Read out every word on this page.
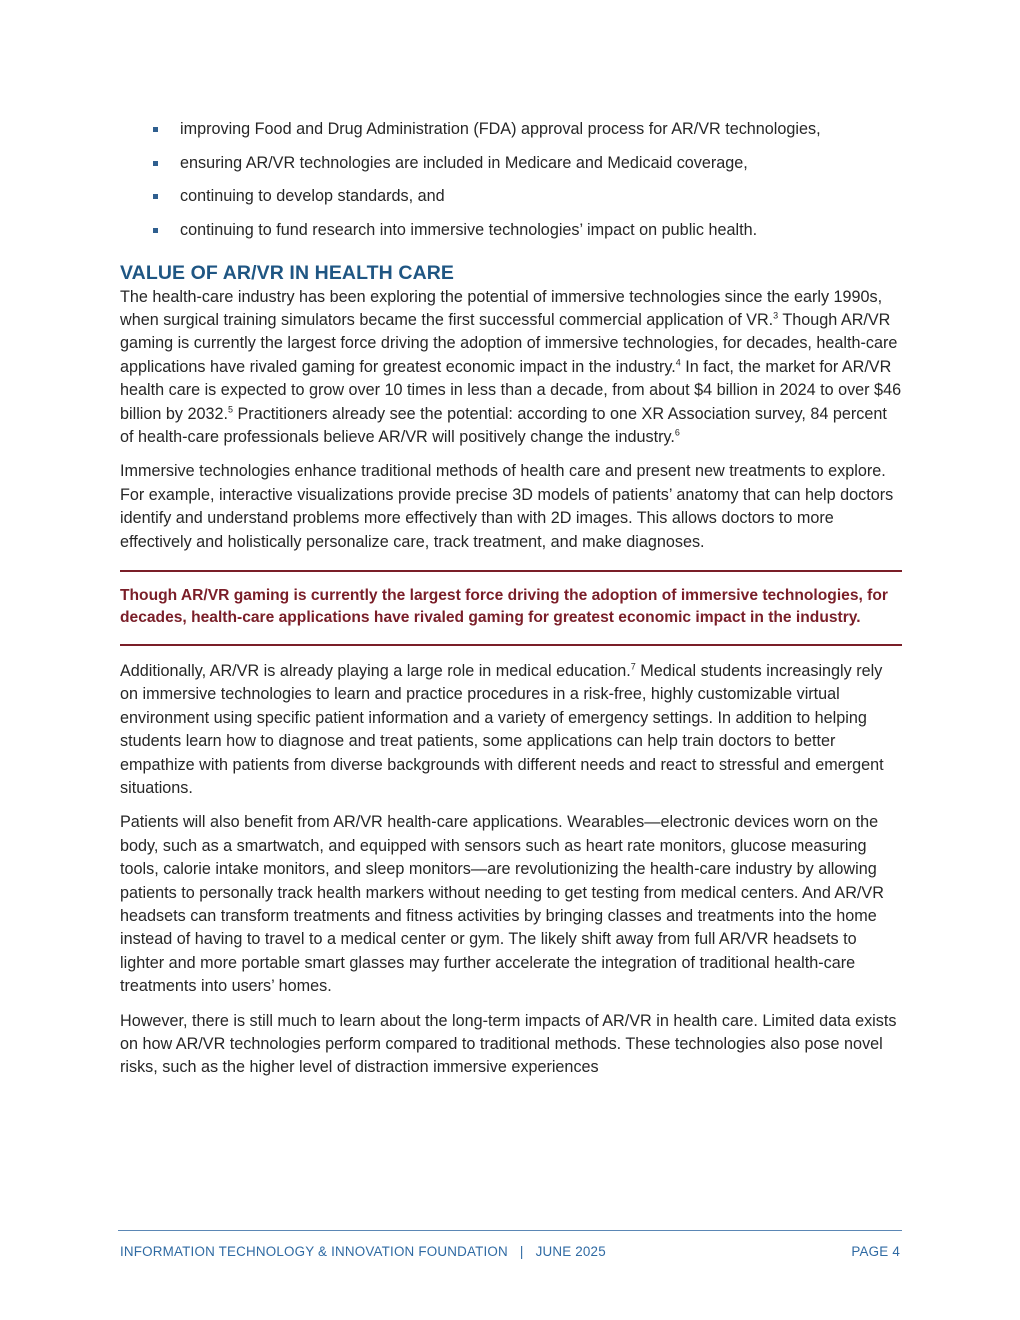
improving Food and Drug Administration (FDA) approval process for AR/VR technologies,
ensuring AR/VR technologies are included in Medicare and Medicaid coverage,
continuing to develop standards, and
continuing to fund research into immersive technologies’ impact on public health.
VALUE OF AR/VR IN HEALTH CARE

The health-care industry has been exploring the potential of immersive technologies since the early 1990s, when surgical training simulators became the first successful commercial application of VR.$^3$ Though AR/VR gaming is currently the largest force driving the adoption of immersive technologies, for decades, health-care applications have rivaled gaming for greatest economic impact in the industry.$^4$ In fact, the market for AR/VR health care is expected to grow over 10 times in less than a decade, from about $4 billion in 2024 to over $46 billion by 2032.$^5$ Practitioners already see the potential: according to one XR Association survey, 84 percent of health-care professionals believe AR/VR will positively change the industry.$^6$

Immersive technologies enhance traditional methods of health care and present new treatments to explore. For example, interactive visualizations provide precise 3D models of patients’ anatomy that can help doctors identify and understand problems more effectively than with 2D images. This allows doctors to more effectively and holistically personalize care, track treatment, and make diagnoses.

Though AR/VR gaming is currently the largest force driving the adoption of immersive technologies, for decades, health-care applications have rivaled gaming for greatest economic impact in the industry.

Additionally, AR/VR is already playing a large role in medical education.$^7$ Medical students increasingly rely on immersive technologies to learn and practice procedures in a risk-free, highly customizable virtual environment using specific patient information and a variety of emergency settings. In addition to helping students learn how to diagnose and treat patients, some applications can help train doctors to better empathize with patients from diverse backgrounds with different needs and react to stressful and emergent situations.

Patients will also benefit from AR/VR health-care applications. Wearables—electronic devices worn on the body, such as a smartwatch, and equipped with sensors such as heart rate monitors, glucose measuring tools, calorie intake monitors, and sleep monitors—are revolutionizing the health-care industry by allowing patients to personally track health markers without needing to get testing from medical centers. And AR/VR headsets can transform treatments and fitness activities by bringing classes and treatments into the home instead of having to travel to a medical center or gym. The likely shift away from full AR/VR headsets to lighter and more portable smart glasses may further accelerate the integration of traditional health-care treatments into users’ homes.

However, there is still much to learn about the long-term impacts of AR/VR in health care. Limited data exists on how AR/VR technologies perform compared to traditional methods. These technologies also pose novel risks, such as the higher level of distraction immersive experiences

INFORMATION TECHNOLOGY & INNOVATION FOUNDATION | JUNE 2025	PAGE 4
